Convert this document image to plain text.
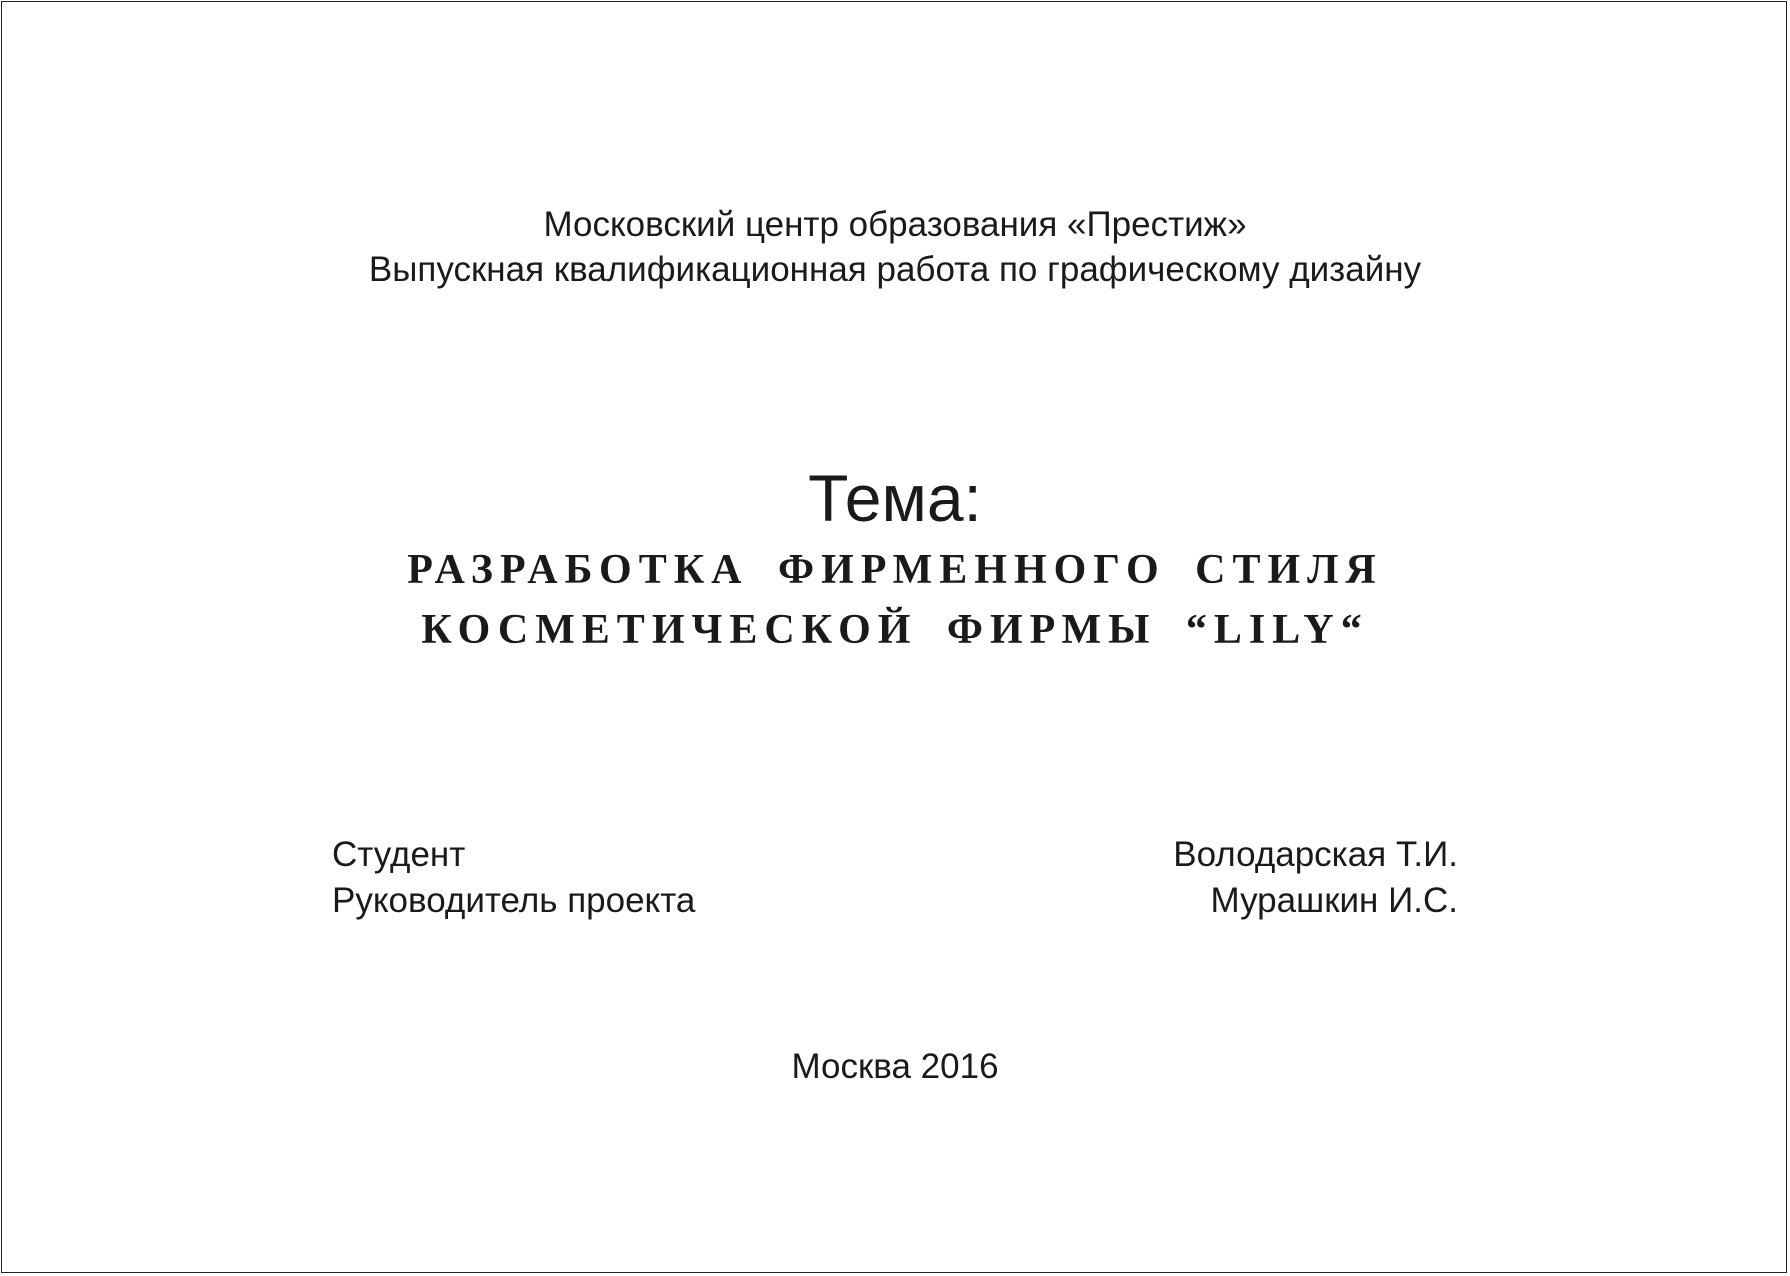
Московский центр образования «Престиж»
Выпускная квалификационная работа по графическому дизайну
Тема:
РАЗРАБОТКА ФИРМЕННОГО СТИЛЯ
КОСМЕТИЧЕСКОЙ ФИРМЫ “LILY“
Студент
Руководитель проекта
Володарская Т.И.
Мурашкин И.С.
Москва 2016
